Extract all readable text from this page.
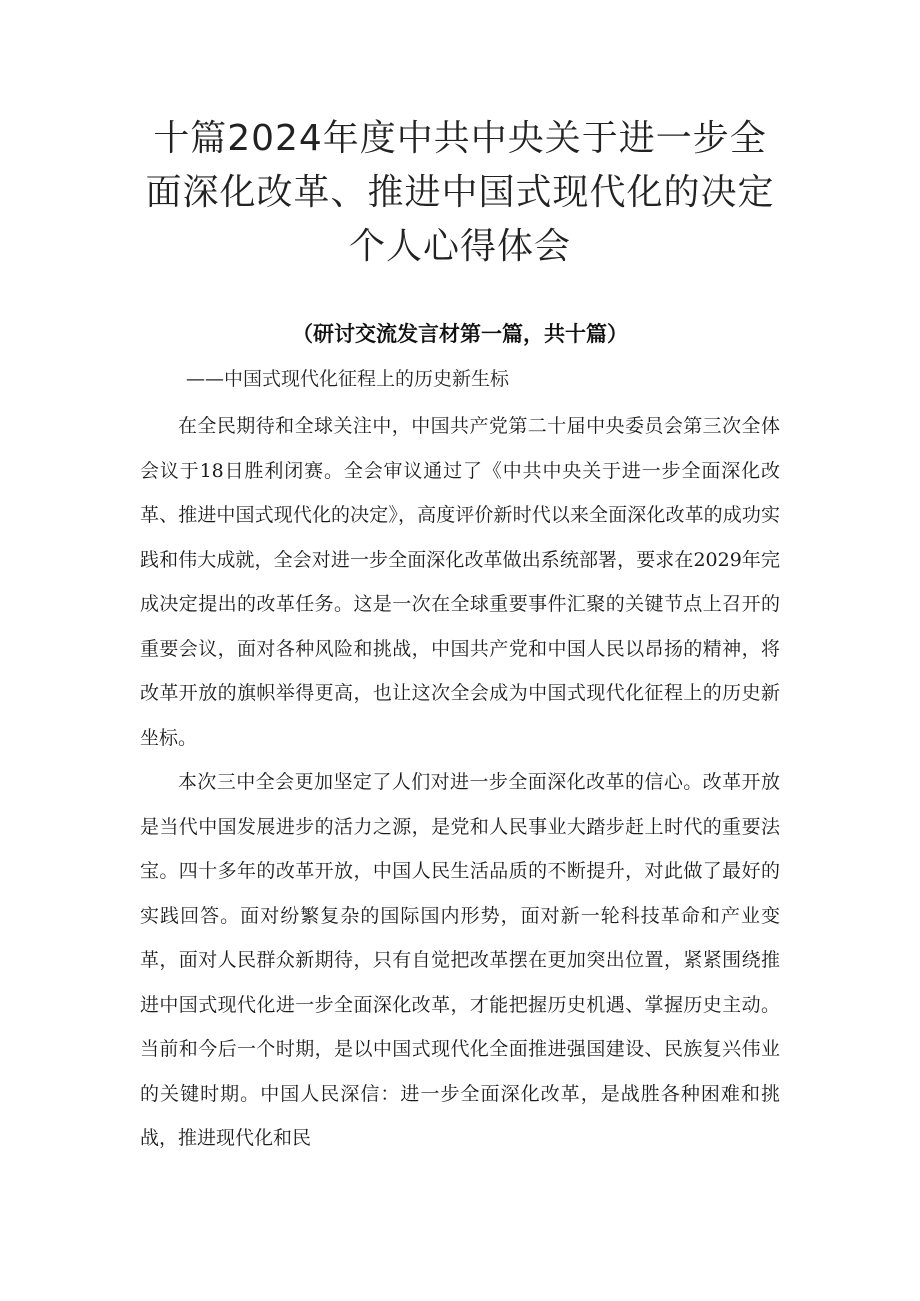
十篇2024年度中共中央关于进一步全面深化改革、推进中国式现代化的决定个人心得体会
（研讨交流发言材第一篇，共十篇）
——中国式现代化征程上的历史新生标

在全民期待和全球关注中，中国共产党第二十届中央委员会第三次全体会议于18日胜利闭赛。全会审议通过了《中共中央关于进一步全面深化改革、推进中国式现代化的决定》，高度评价新时代以来全面深化改革的成功实践和伟大成就，全会对进一步全面深化改革做出系统部署，要求在2029年完成决定提出的改革任务。这是一次在全球重要事件汇聚的关键节点上召开的重要会议，面对各种风险和挑战，中国共产党和中国人民以昂扬的精神，将改革开放的旗帜举得更高，也让这次全会成为中国式现代化征程上的历史新坐标。

本次三中全会更加坚定了人们对进一步全面深化改革的信心。改革开放是当代中国发展进步的活力之源，是党和人民事业大踏步赶上时代的重要法宝。四十多年的改革开放，中国人民生活品质的不断提升，对此做了最好的实践回答。面对纷繁复杂的国际国内形势，面对新一轮科技革命和产业变革，面对人民群众新期待，只有自觉把改革摆在更加突出位置，紧紧围绕推进中国式现代化进一步全面深化改革，才能把握历史机遇、掌握历史主动。当前和今后一个时期，是以中国式现代化全面推进强国建设、民族复兴伟业的关键时期。中国人民深信：进一步全面深化改革，是战胜各种困难和挑战，推进现代化和民
